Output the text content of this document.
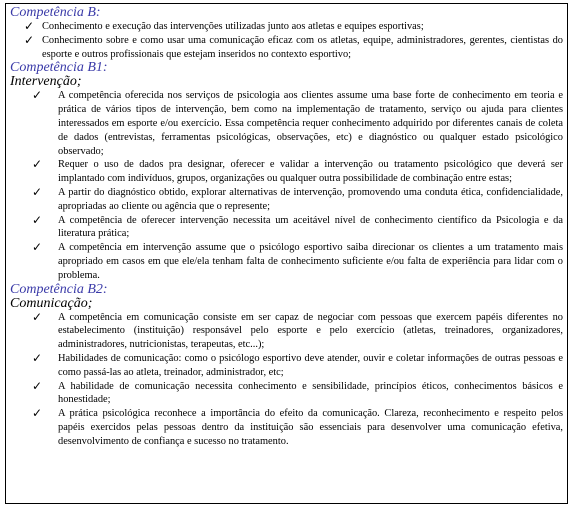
Competência B:

✓ Conhecimento e execução das intervenções utilizadas junto aos atletas e equipes esportivas;
✓ Conhecimento sobre e como usar uma comunicação eficaz com os atletas, equipe, administradores, gerentes, cientistas do esporte e outros profissionais que estejam inseridos no contexto esportivo;

Competência B1:

Intervenção;

✓ A competência oferecida nos serviços de psicologia aos clientes assume uma base forte de conhecimento em teoria e prática de vários tipos de intervenção, bem como na implementação de tratamento, serviço ou ajuda para clientes interessados em esporte e/ou exercício. Essa competência requer conhecimento adquirido por diferentes canais de coleta de dados (entrevistas, ferramentas psicológicas, observações, etc) e diagnóstico ou qualquer estado psicológico observado;
✓ Requer o uso de dados pra designar, oferecer e validar a intervenção ou tratamento psicológico que deverá ser implantado com indivíduos, grupos, organizações ou qualquer outra possibilidade de combinação entre estas;
✓ A partir do diagnóstico obtido, explorar alternativas de intervenção, promovendo uma conduta ética, confidencialidade, apropriadas ao cliente ou agência que o represente;
✓ A competência de oferecer intervenção necessita um aceitável nível de conhecimento científico da Psicologia e da literatura prática;
✓ A competência em intervenção assume que o psicólogo esportivo saiba direcionar os clientes a um tratamento mais apropriado em casos em que ele/ela tenham falta de conhecimento suficiente e/ou falta de experiência para lidar com o problema.

Competência B2:

Comunicação;

✓ A competência em comunicação consiste em ser capaz de negociar com pessoas que exercem papéis diferentes no estabelecimento (instituição) responsável pelo esporte e pelo exercício (atletas, treinadores, organizadores, administradores, nutricionistas, terapeutas, etc...);
✓ Habilidades de comunicação: como o psicólogo esportivo deve atender, ouvir e coletar informações de outras pessoas e como passá-las ao atleta, treinador, administrador, etc;
✓ A habilidade de comunicação necessita conhecimento e sensibilidade, princípios éticos, conhecimentos básicos e honestidade;
✓ A prática psicológica reconhece a importância do efeito da comunicação. Clareza, reconhecimento e respeito pelos papéis exercidos pelas pessoas dentro da instituição são essenciais para desenvolver uma comunicação efetiva, desenvolvimento de confiança e sucesso no tratamento.
